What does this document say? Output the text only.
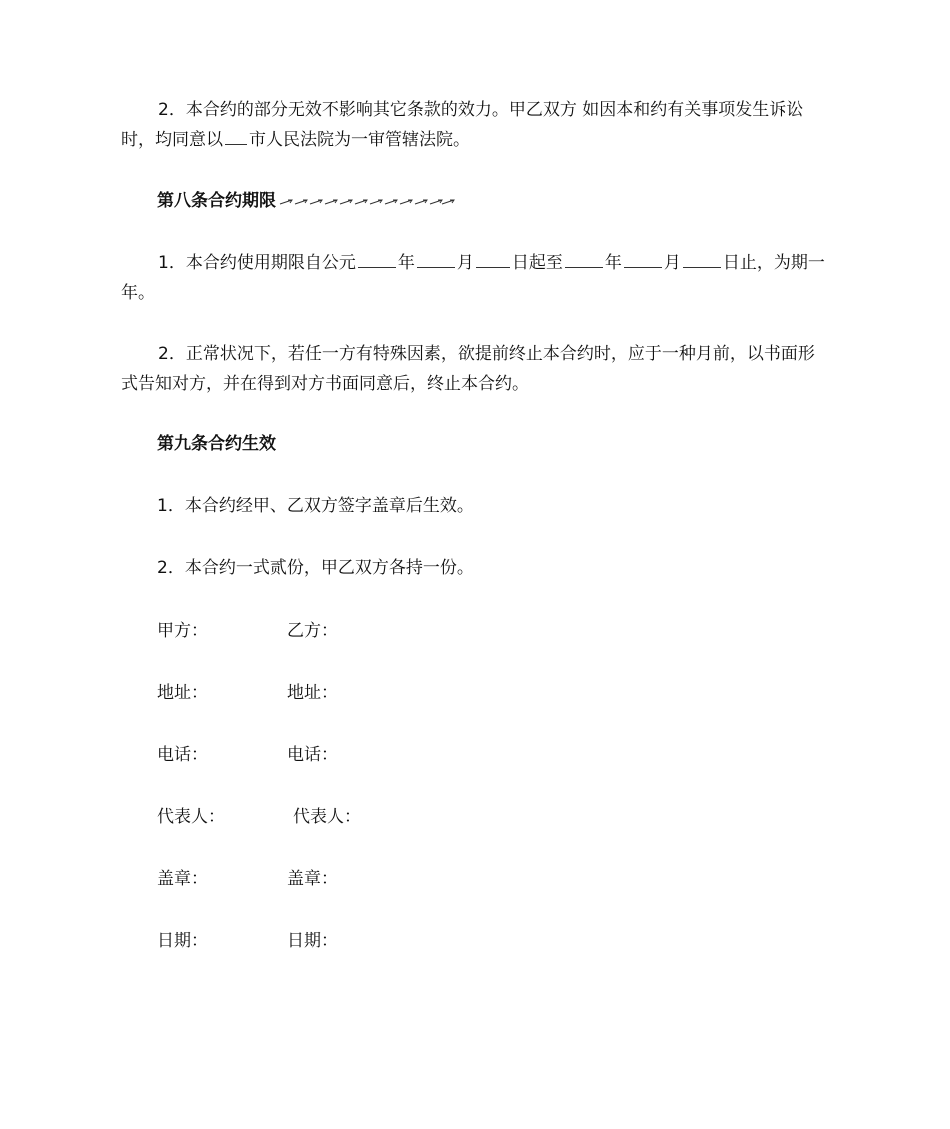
2．本合约的部分无效不影响其它条款的效力。甲乙双方 如因本和约有关事项发生诉讼时，均同意以 市人民法院为一审管辖法院。
第八条合约期限
1．本合约使用期限自公元 年 月 日起至 年 月 日止，为期一年。
2．正常状况下，若任一方有特殊因素，欲提前终止本合约时，应于一种月前，以书面形式告知对方，并在得到对方书面同意后，终止本合约。
第九条合约生效
1．本合约经甲、乙双方签字盖章后生效。
2．本合约一式贰份，甲乙双方各持一份。
甲方：	乙方：
地址：	地址：
电话：	电话：
代表人：	代表人：
盖章：	盖章：
日期：	日期：
